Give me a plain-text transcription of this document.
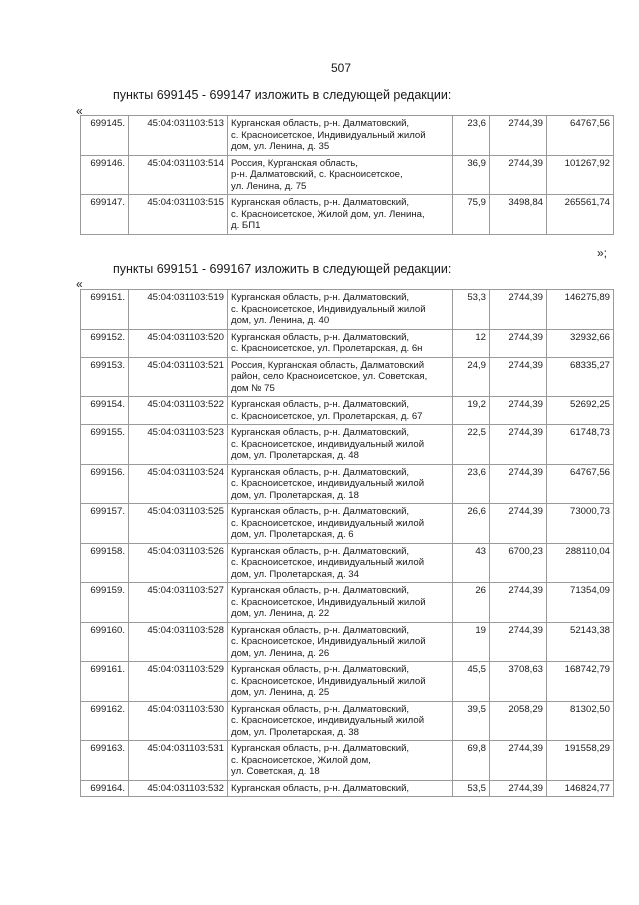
507
пункты 699145 - 699147 изложить в следующей редакции:
«
699145.	45:04:031103:513	Курганская область, р-н. Далматовский,
с. Красноисетское, Индивидуальный жилой
дом, ул. Ленина, д. 35	23,6	2744,39	64767,56
699146.	45:04:031103:514	Россия, Курганская область,
р-н. Далматовский, с. Красноисетское,
ул. Ленина, д. 75	36,9	2744,39	101267,92
699147.	45:04:031103:515	Курганская область, р-н. Далматовский,
с. Красноисетское, Жилой дом, ул. Ленина,
д. БП1	75,9	3498,84	265561,74
»;
пункты 699151 - 699167 изложить в следующей редакции:
«
699151.	45:04:031103:519	Курганская область, р-н. Далматовский,
с. Красноисетское, Индивидуальный жилой
дом, ул. Ленина, д. 40	53,3	2744,39	146275,89
699152.	45:04:031103:520	Курганская область, р-н. Далматовский,
с. Красноисетское, ул. Пролетарская, д. 6н	12	2744,39	32932,66
699153.	45:04:031103:521	Россия, Курганская область, Далматовский
район, село Красноисетское, ул. Советская,
дом № 75	24,9	2744,39	68335,27
699154.	45:04:031103:522	Курганская область, р-н. Далматовский,
с. Красноисетское, ул. Пролетарская, д. 67	19,2	2744,39	52692,25
699155.	45:04:031103:523	Курганская область, р-н. Далматовский,
с. Красноисетское, индивидуальный жилой
дом, ул. Пролетарская, д. 48	22,5	2744,39	61748,73
699156.	45:04:031103:524	Курганская область, р-н. Далматовский,
с. Красноисетское, индивидуальный жилой
дом, ул. Пролетарская, д. 18	23,6	2744,39	64767,56
699157.	45:04:031103:525	Курганская область, р-н. Далматовский,
с. Красноисетское, индивидуальный жилой
дом, ул. Пролетарская, д. 6	26,6	2744,39	73000,73
699158.	45:04:031103:526	Курганская область, р-н. Далматовский,
с. Красноисетское, индивидуальный жилой
дом, ул. Пролетарская, д. 34	43	6700,23	288110,04
699159.	45:04:031103:527	Курганская область, р-н. Далматовский,
с. Красноисетское, Индивидуальный жилой
дом, ул. Ленина, д. 22	26	2744,39	71354,09
699160.	45:04:031103:528	Курганская область, р-н. Далматовский,
с. Красноисетское, Индивидуальный жилой
дом, ул. Ленина, д. 26	19	2744,39	52143,38
699161.	45:04:031103:529	Курганская область, р-н. Далматовский,
с. Красноисетское, Индивидуальный жилой
дом, ул. Ленина, д. 25	45,5	3708,63	168742,79
699162.	45:04:031103:530	Курганская область, р-н. Далматовский,
с. Красноисетское, индивидуальный жилой
дом, ул. Пролетарская, д. 38	39,5	2058,29	81302,50
699163.	45:04:031103:531	Курганская область, р-н. Далматовский,
с. Красноисетское, Жилой дом,
ул. Советская, д. 18	69,8	2744,39	191558,29
699164.	45:04:031103:532	Курганская область, р-н. Далматовский,	53,5	2744,39	146824,77
